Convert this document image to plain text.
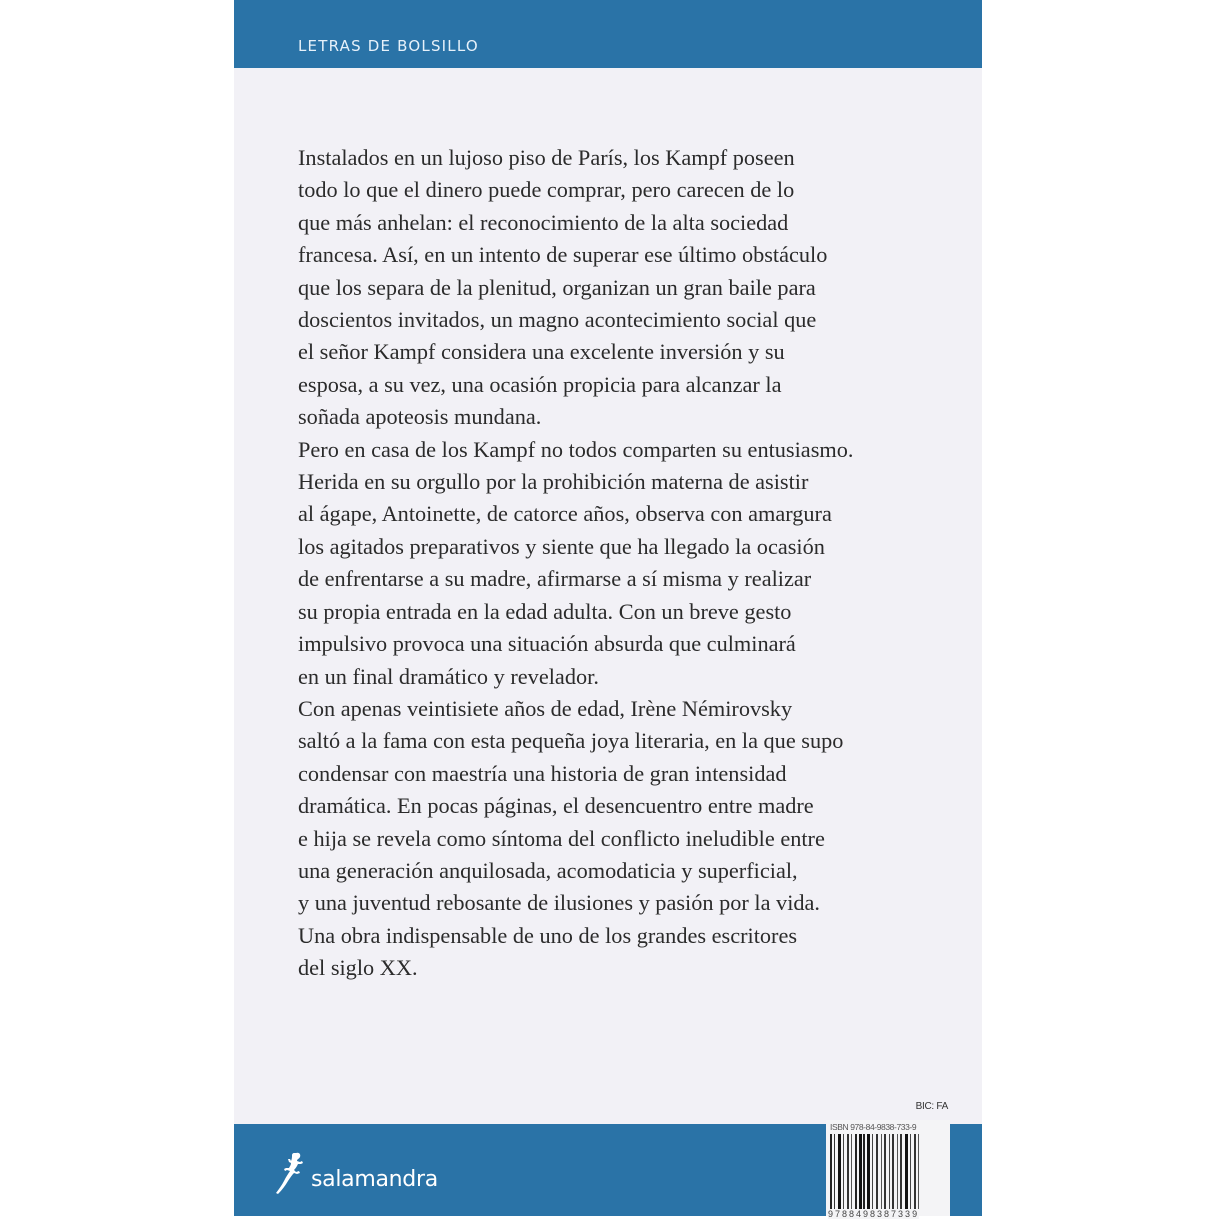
LETRAS DE BOLSILLO
Instalados en un lujoso piso de París, los Kampf poseen
todo lo que el dinero puede comprar, pero carecen de lo
que más anhelan: el reconocimiento de la alta sociedad
francesa. Así, en un intento de superar ese último obstáculo
que los separa de la plenitud, organizan un gran baile para
doscientos invitados, un magno acontecimiento social que
el señor Kampf considera una excelente inversión y su
esposa, a su vez, una ocasión propicia para alcanzar la
soñada apoteosis mundana.
Pero en casa de los Kampf no todos comparten su entusiasmo.
Herida en su orgullo por la prohibición materna de asistir
al ágape, Antoinette, de catorce años, observa con amargura
los agitados preparativos y siente que ha llegado la ocasión
de enfrentarse a su madre, afirmarse a sí misma y realizar
su propia entrada en la edad adulta. Con un breve gesto
impulsivo provoca una situación absurda que culminará
en un final dramático y revelador.
Con apenas veintisiete años de edad, Irène Némirovsky
saltó a la fama con esta pequeña joya literaria, en la que supo
condensar con maestría una historia de gran intensidad
dramática. En pocas páginas, el desencuentro entre madre
e hija se revela como síntoma del conflicto ineludible entre
una generación anquilosada, acomodaticia y superficial,
y una juventud rebosante de ilusiones y pasión por la vida.
Una obra indispensable de uno de los grandes escritores
del siglo XX.
BIC: FA
salamandra
ISBN 978-84-9838-733-9
9788498387339
